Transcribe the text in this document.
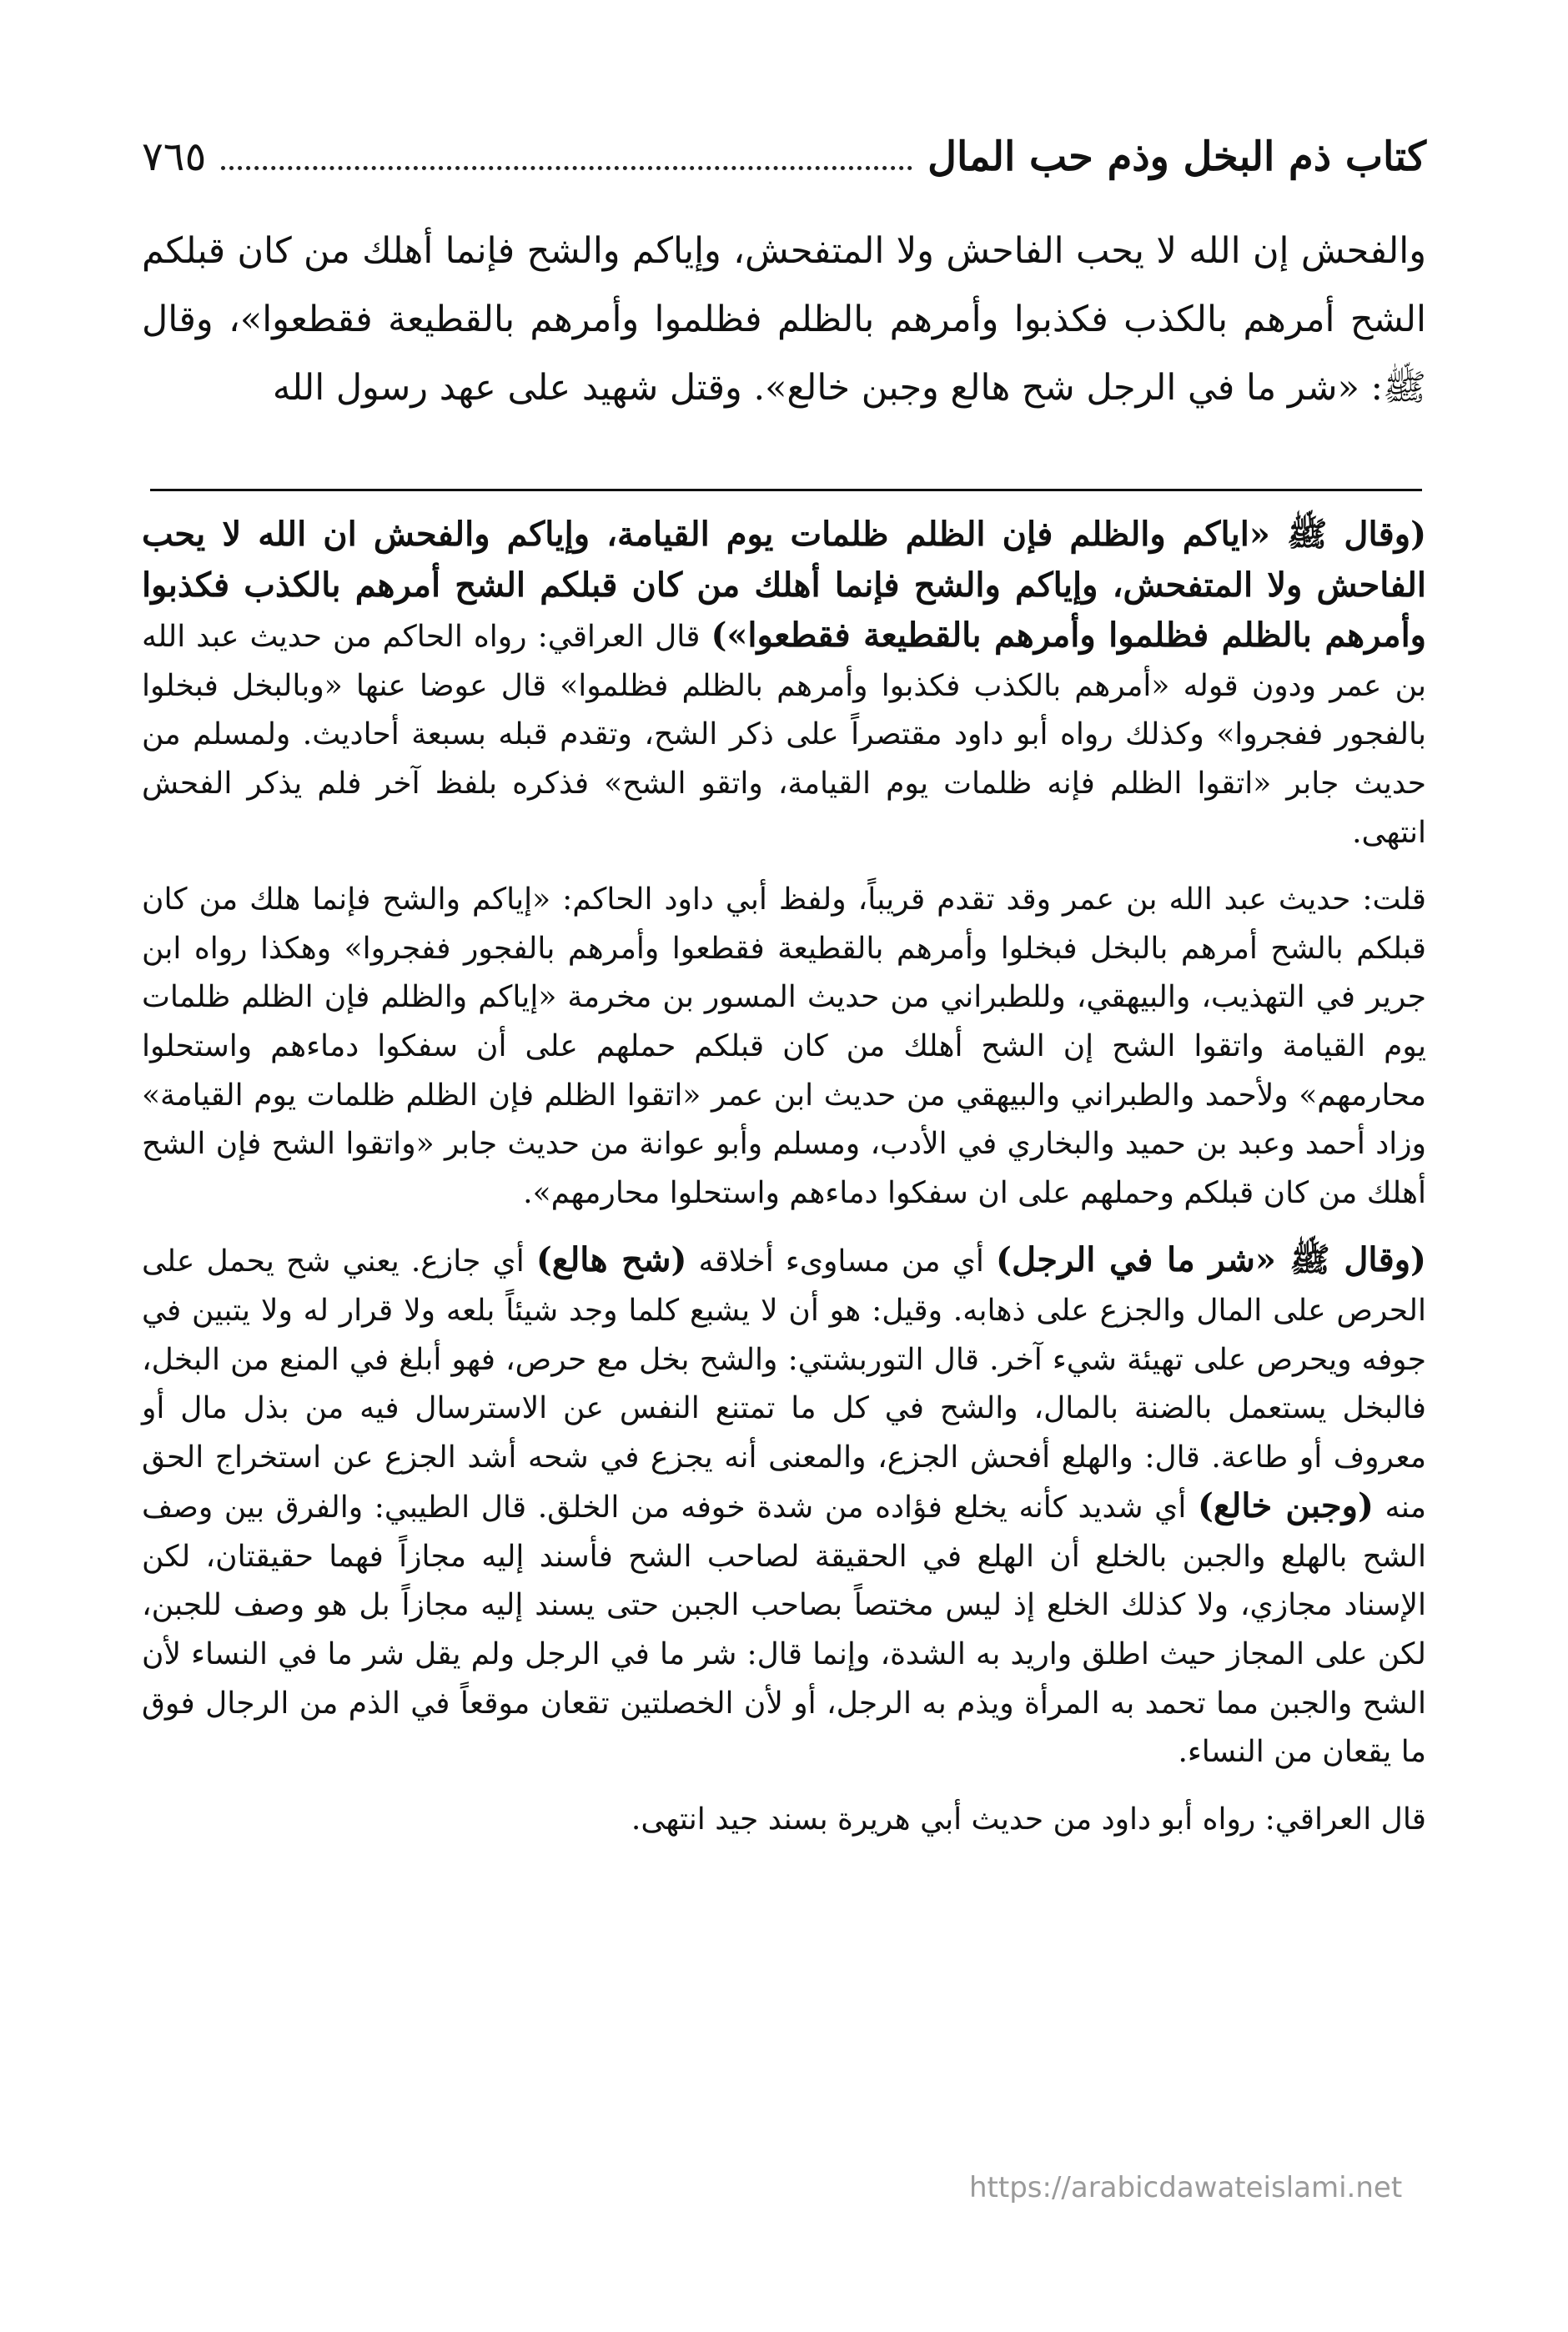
كتاب ذم البخل وذم حب المال
٧٦٥
والفحش إن الله لا يحب الفاحش ولا المتفحش، وإياكم والشح فإنما أهلك من كان قبلكم الشح أمرهم بالكذب فكذبوا وأمرهم بالظلم فظلموا وأمرهم بالقطيعة فقطعوا»، وقال ﷺ: «شر ما في الرجل شح هالع وجبن خالع». وقتل شهيد على عهد رسول الله

(وقال ﷺ «اياكم والظلم فإن الظلم ظلمات يوم القيامة، وإياكم والفحش ان الله لا يحب الفاحش ولا المتفحش، وإياكم والشح فإنما أهلك من كان قبلكم الشح أمرهم بالكذب فكذبوا وأمرهم بالظلم فظلموا وأمرهم بالقطيعة فقطعوا») قال العراقي: رواه الحاكم من حديث عبد الله بن عمر ودون قوله «أمرهم بالكذب فكذبوا وأمرهم بالظلم فظلموا» قال عوضا عنها «وبالبخل فبخلوا بالفجور ففجروا» وكذلك رواه أبو داود مقتصراً على ذكر الشح، وتقدم قبله بسبعة أحاديث. ولمسلم من حديث جابر «اتقوا الظلم فإنه ظلمات يوم القيامة، واتقو الشح» فذكره بلفظ آخر فلم يذكر الفحش انتهى.

قلت: حديث عبد الله بن عمر وقد تقدم قريباً، ولفظ أبي داود الحاكم: «إياكم والشح فإنما هلك من كان قبلكم بالشح أمرهم بالبخل فبخلوا وأمرهم بالقطيعة فقطعوا وأمرهم بالفجور ففجروا» وهكذا رواه ابن جرير في التهذيب، والبيهقي، وللطبراني من حديث المسور بن مخرمة «إياكم والظلم فإن الظلم ظلمات يوم القيامة واتقوا الشح إن الشح أهلك من كان قبلكم حملهم على أن سفكوا دماءهم واستحلوا محارمهم» ولأحمد والطبراني والبيهقي من حديث ابن عمر «اتقوا الظلم فإن الظلم ظلمات يوم القيامة» وزاد أحمد وعبد بن حميد والبخاري في الأدب، ومسلم وأبو عوانة من حديث جابر «واتقوا الشح فإن الشح أهلك من كان قبلكم وحملهم على ان سفكوا دماءهم واستحلوا محارمهم».

(وقال ﷺ «شر ما في الرجل) أي من مساوىء أخلاقه (شح هالع) أي جازع. يعني شح يحمل على الحرص على المال والجزع على ذهابه. وقيل: هو أن لا يشبع كلما وجد شيئاً بلعه ولا قرار له ولا يتبين في جوفه ويحرص على تهيئة شيء آخر. قال التوربشتي: والشح بخل مع حرص، فهو أبلغ في المنع من البخل، فالبخل يستعمل بالضنة بالمال، والشح في كل ما تمتنع النفس عن الاسترسال فيه من بذل مال أو معروف أو طاعة. قال: والهلع أفحش الجزع، والمعنى أنه يجزع في شحه أشد الجزع عن استخراج الحق منه (وجبن خالع) أي شديد كأنه يخلع فؤاده من شدة خوفه من الخلق. قال الطيبي: والفرق بين وصف الشح بالهلع والجبن بالخلع أن الهلع في الحقيقة لصاحب الشح فأسند إليه مجازاً فهما حقيقتان، لكن الإسناد مجازي، ولا كذلك الخلع إذ ليس مختصاً بصاحب الجبن حتى يسند إليه مجازاً بل هو وصف للجبن، لكن على المجاز حيث اطلق واريد به الشدة، وإنما قال: شر ما في الرجل ولم يقل شر ما في النساء لأن الشح والجبن مما تحمد به المرأة ويذم به الرجل، أو لأن الخصلتين تقعان موقعاً في الذم من الرجال فوق ما يقعان من النساء.

قال العراقي: رواه أبو داود من حديث أبي هريرة بسند جيد انتهى.

https://arabicdawateislami.net
